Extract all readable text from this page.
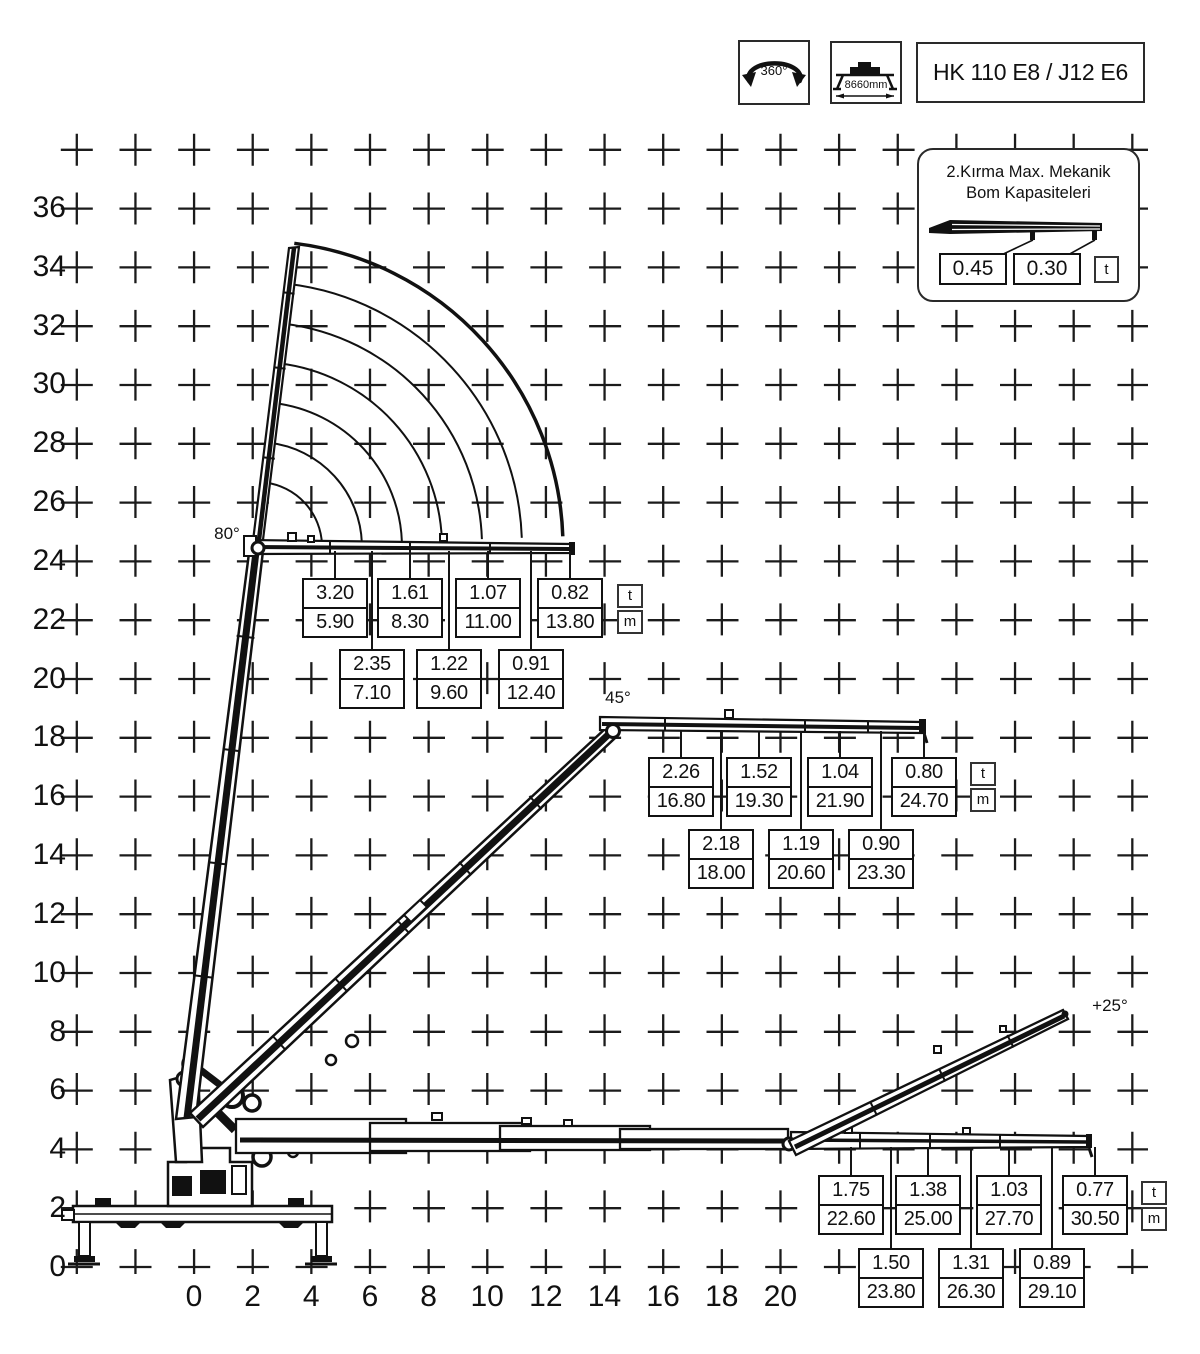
360°
8660mm	HK 110 E8 / J12 E6
2.Kırma Max. Mekanik
Bom Kapasiteleri
0.45	0.30	t
80°
45°
+25°
0
2
4
6
8
10
12
14
16
18
20
22
24
26
28
30
32
34
36
0	2	4	6	8	10 12 14 16 18 20
3.20
5.90
1.61
8.30
1.07
11.00
0.82
13.80
2.35
7.10
1.22
9.60
0.91
12.40
t
m
2.26
16.80
1.52
19.30
1.04
21.90
0.80
24.70
2.18
18.00
1.19
20.60
0.90
23.30
t
m
1.75
22.60
1.38
25.00
1.03
27.70
0.77
30.50
1.50
23.80
1.31
26.30
0.89
29.10
t
m
